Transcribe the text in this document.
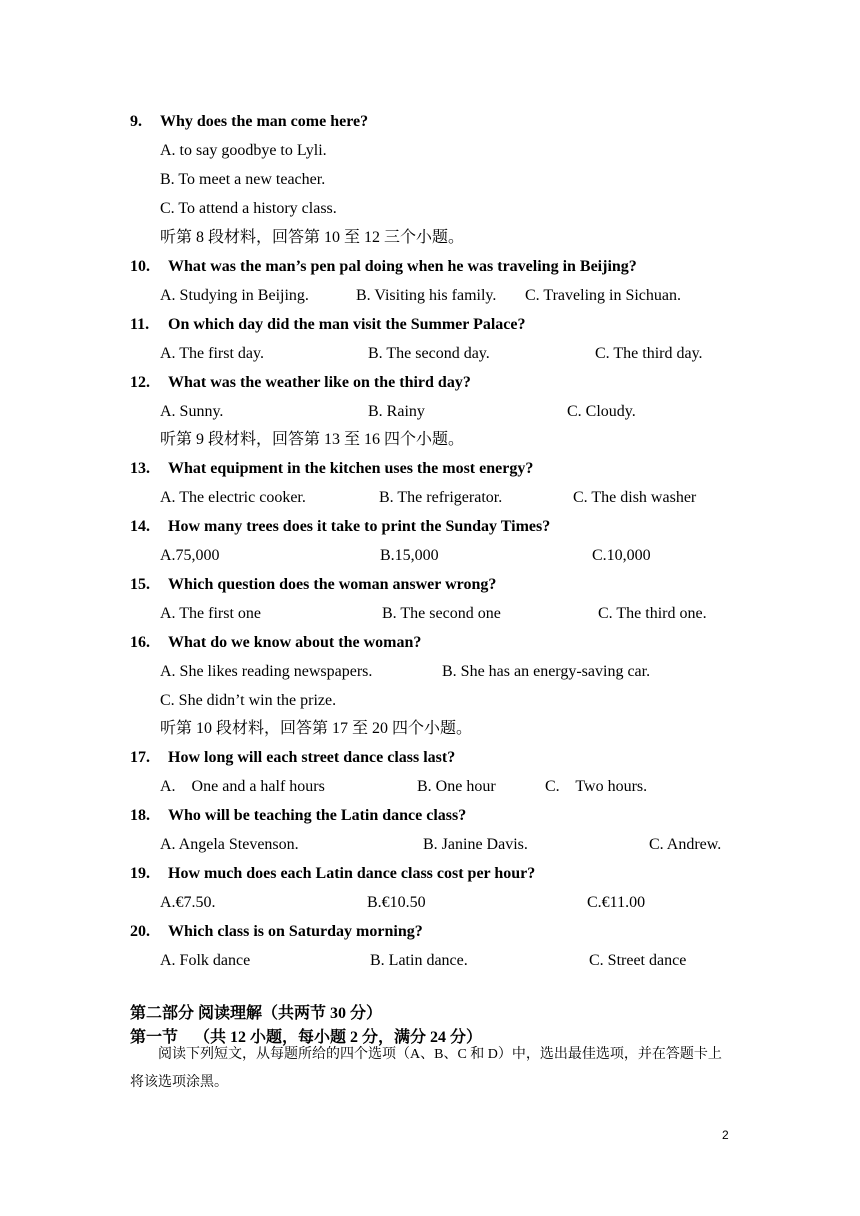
9. Why does the man come here?
A. to say goodbye to Lyli.
B. To meet a new teacher.
C. To attend a history class.
听第 8 段材料，回答第 10 至 12 三个小题。
10. What was the man’s pen pal doing when he was traveling in Beijing?
A. Studying in Beijing.	B. Visiting his family. C. Traveling in Sichuan.
11. On which day did the man visit the Summer Palace?
A. The first day.	B. The second day.	C. The third day.
12. What was the weather like on the third day?
A. Sunny.	B. Rainy	C. Cloudy.
听第 9 段材料，回答第 13 至 16 四个小题。
13. What equipment in the kitchen uses the most energy?
A. The electric cooker.	B. The refrigerator.	C. The dish washer
14. How many trees does it take to print the Sunday Times?
A.75,000	B.15,000	C.10,000
15. Which question does the woman answer wrong?
A. The first one	B. The second one	C. The third one.
16. What do we know about the woman?
A. She likes reading newspapers.	B. She has an energy-saving car.
C. She didn’t win the prize.
听第 10 段材料，回答第 17 至 20 四个小题。
17. How long will each street dance class last?
A.    One and a half hours	B. One hour	C.    Two hours.
18. Who will be teaching the Latin dance class?
A. Angela Stevenson.	B. Janine Davis.	C. Andrew.
19. How much does each Latin dance class cost per hour?
A.€7.50.	B.€10.50	C.€11.00
20. Which class is on Saturday morning?
A. Folk dance	B. Latin dance.	C. Street dance
第二部分 阅读理解（共两节 30 分）
第一节    （共 12 小题，每小题 2 分，满分 24 分）
阅读下列短文，从每题所给的四个选项（A、B、C 和 D）中，选出最佳选项，并在答题卡上将该选项涂黑。
2
